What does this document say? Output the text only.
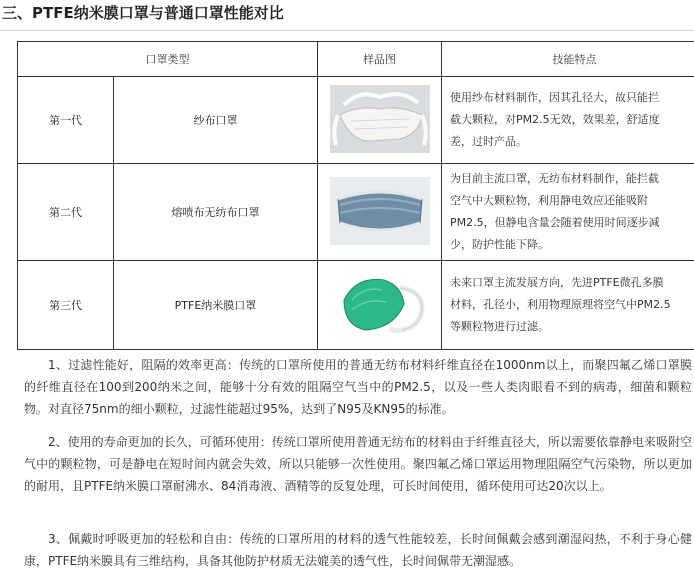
三、PTFE纳米膜口罩与普通口罩性能对比
口罩类型		样品图	技能特点
第一代	纱布口罩		使用纱布材料制作，因其孔径大，故只能拦
截大颗粒，对PM2.5无效，效果差，舒适度
差，过时产品。

第二代	熔喷布无纺布口罩		为目前主流口罩，无纺布材料制作，能拦截
空气中大颗粒物，利用静电效应还能吸附
PM2.5，但静电含量会随着使用时间逐步减
少，防护性能下降。

第三代	PTFE纳米膜口罩		未来口罩主流发展方向，先进PTFE微孔多膜
材料，孔径小，利用物理原理将空气中PM2.5
等颗粒物进行过滤。

1、过滤性能好，阻隔的效率更高：传统的口罩所使用的普通无纺布材料纤维直径在1000nm以上，而聚四氟乙烯口罩膜的纤维直径在100到200纳米之间，能够十分有效的阻隔空气当中的PM2.5，以及一些人类肉眼看不到的病毒，细菌和颗粒物。对直径75nm的细小颗粒，过滤性能超过95%，达到了N95及KN95的标准。

2、使用的寿命更加的长久，可循环使用：传统口罩所使用普通无纺布的材料由于纤维直径大，所以需要依靠静电来吸附空气中的颗粒物，可是静电在短时间内就会失效，所以只能够一次性使用。聚四氟乙烯口罩运用物理阻隔空气污染物，所以更加的耐用，且PTFE纳米膜口罩耐沸水、84消毒液、酒精等的反复处理，可长时间使用，循环使用可达20次以上。

3、佩戴时呼吸更加的轻松和自由：传统的口罩所用的材料的透气性能较差，长时间佩戴会感到潮湿闷热，不利于身心健康，PTFE纳米膜具有三维结构，具备其他防护材质无法媲美的透气性，长时间佩带无潮湿感。
